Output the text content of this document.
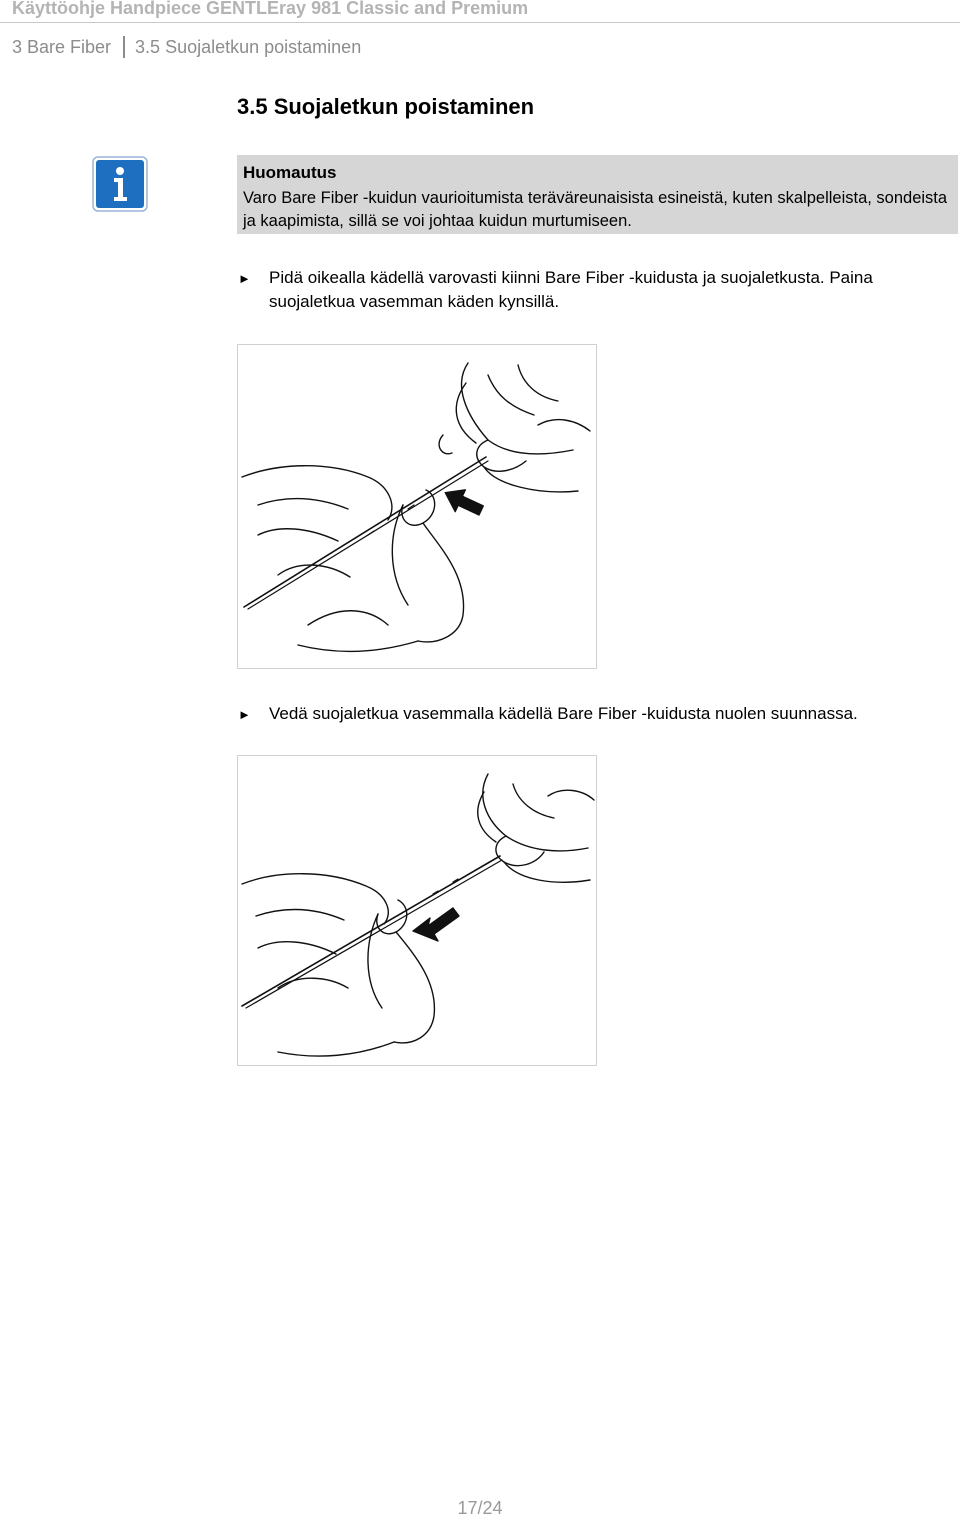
Käyttöohje Handpiece GENTLEray 981 Classic and Premium
3 Bare Fiber 3.5 Suojaletkun poistaminen
3.5 Suojaletkun poistaminen
Huomautus
Varo Bare Fiber -kuidun vaurioitumista teräväreunaisista esineistä, kuten skalpelleista, sondeista ja kaapimista, sillä se voi johtaa kuidun murtumiseen.
► Pidä oikealla kädellä varovasti kiinni Bare Fiber -kuidusta ja suojaletkusta. Paina suojaletkua vasemman käden kynsillä.
► Vedä suojaletkua vasemmalla kädellä Bare Fiber -kuidusta nuolen suunnassa.
17/24
